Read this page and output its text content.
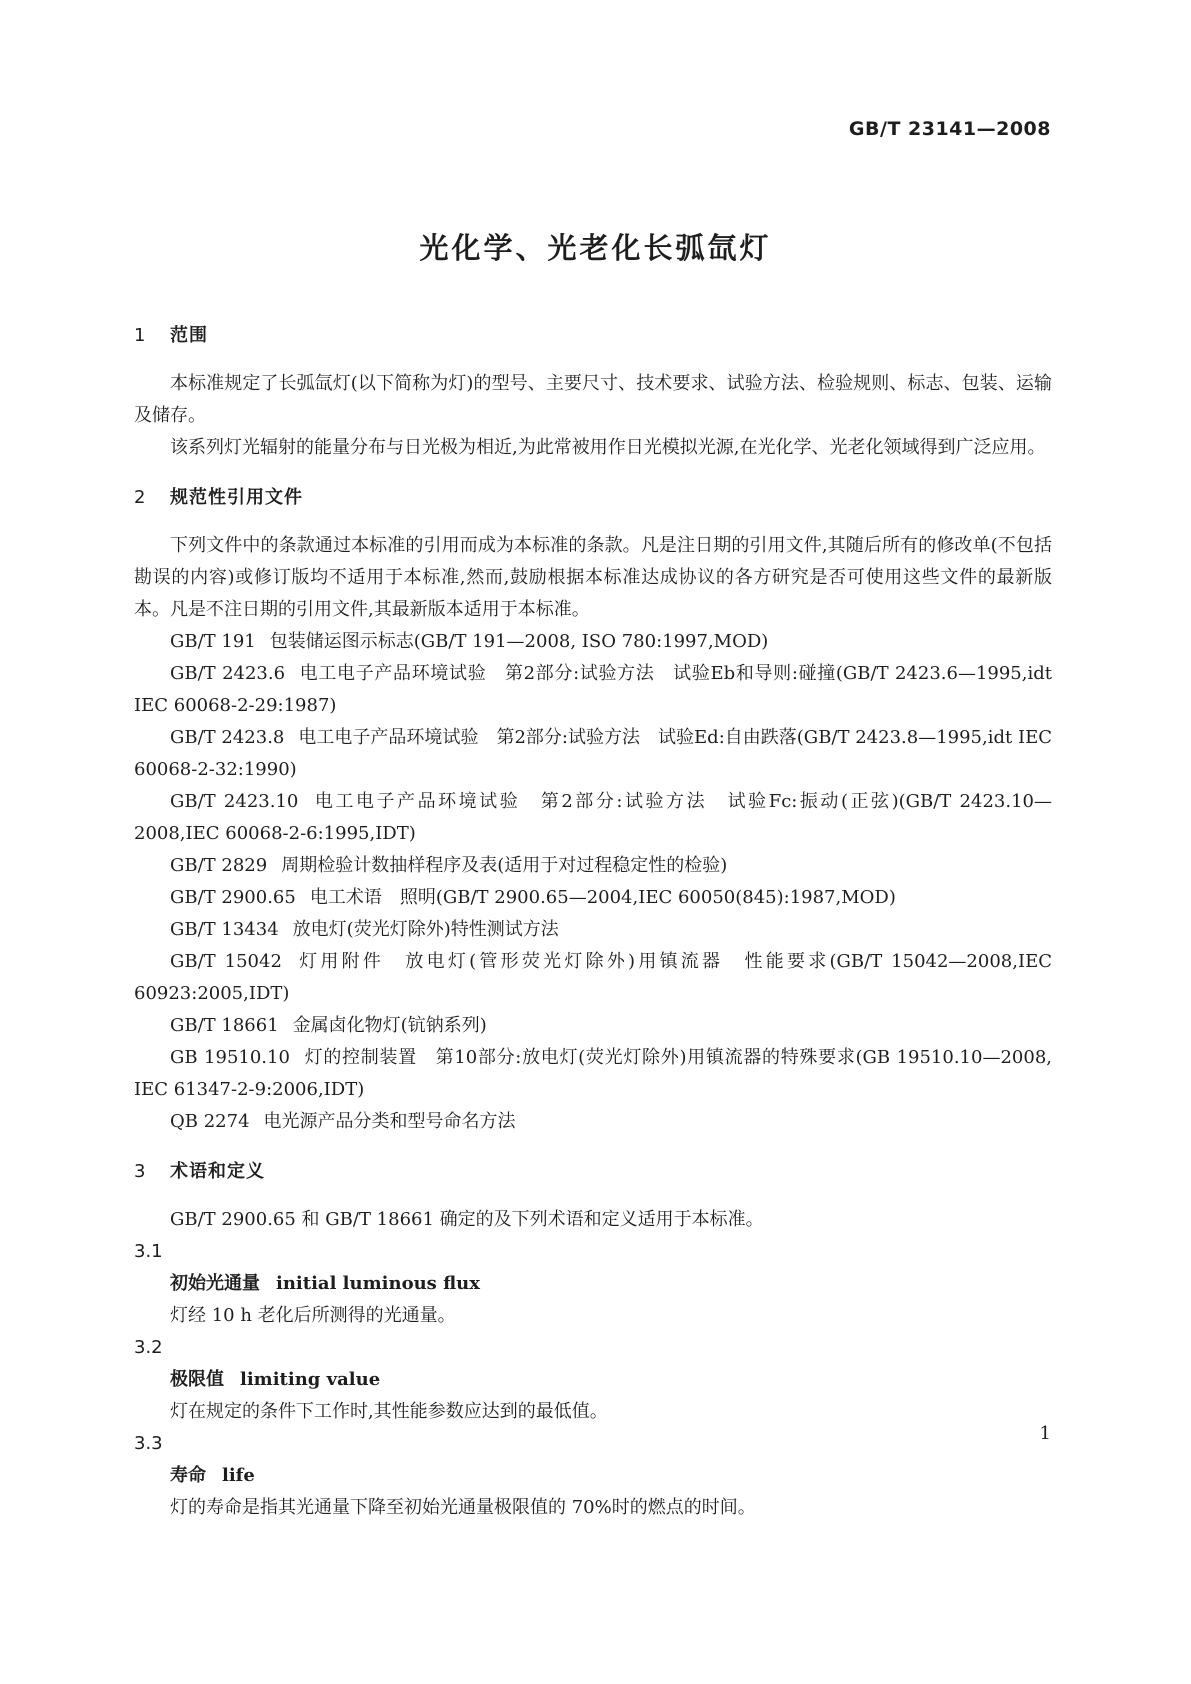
GB/T 23141—2008
光化学、光老化长弧氙灯

1 范围

本标准规定了长弧氙灯(以下简称为灯)的型号、主要尺寸、技术要求、试验方法、检验规则、标志、包装、运输及储存。

该系列灯光辐射的能量分布与日光极为相近,为此常被用作日光模拟光源,在光化学、光老化领域得到广泛应用。

2 规范性引用文件

下列文件中的条款通过本标准的引用而成为本标准的条款。凡是注日期的引用文件,其随后所有的修改单(不包括勘误的内容)或修订版均不适用于本标准,然而,鼓励根据本标准达成协议的各方研究是否可使用这些文件的最新版本。凡是不注日期的引用文件,其最新版本适用于本标准。

GB/T 191 包装储运图示标志(GB/T 191—2008, ISO 780:1997,MOD)

GB/T 2423.6 电工电子产品环境试验　第2部分:试验方法　试验Eb和导则:碰撞(GB/T 2423.6—1995,idt IEC 60068-2-29:1987)

GB/T 2423.8 电工电子产品环境试验　第2部分:试验方法　试验Ed:自由跌落(GB/T 2423.8—1995,idt IEC 60068-2-32:1990)

GB/T 2423.10 电工电子产品环境试验　第2部分:试验方法　试验Fc:振动(正弦)(GB/T 2423.10—2008,IEC 60068-2-6:1995,IDT)

GB/T 2829 周期检验计数抽样程序及表(适用于对过程稳定性的检验)

GB/T 2900.65 电工术语　照明(GB/T 2900.65—2004,IEC 60050(845):1987,MOD)

GB/T 13434 放电灯(荧光灯除外)特性测试方法

GB/T 15042 灯用附件　放电灯(管形荧光灯除外)用镇流器　性能要求(GB/T 15042—2008,IEC 60923:2005,IDT)

GB/T 18661 金属卤化物灯(钪钠系列)

GB 19510.10 灯的控制装置　第10部分:放电灯(荧光灯除外)用镇流器的特殊要求(GB 19510.10—2008, IEC 61347-2-9:2006,IDT)

QB 2274 电光源产品分类和型号命名方法

3 术语和定义

GB/T 2900.65 和 GB/T 18661 确定的及下列术语和定义适用于本标准。

3.1

初始光通量 initial luminous flux

灯经 10 h 老化后所测得的光通量。

3.2

极限值 limiting value

灯在规定的条件下工作时,其性能参数应达到的最低值。

3.3

寿命 life

灯的寿命是指其光通量下降至初始光通量极限值的 70%时的燃点的时间。

1
